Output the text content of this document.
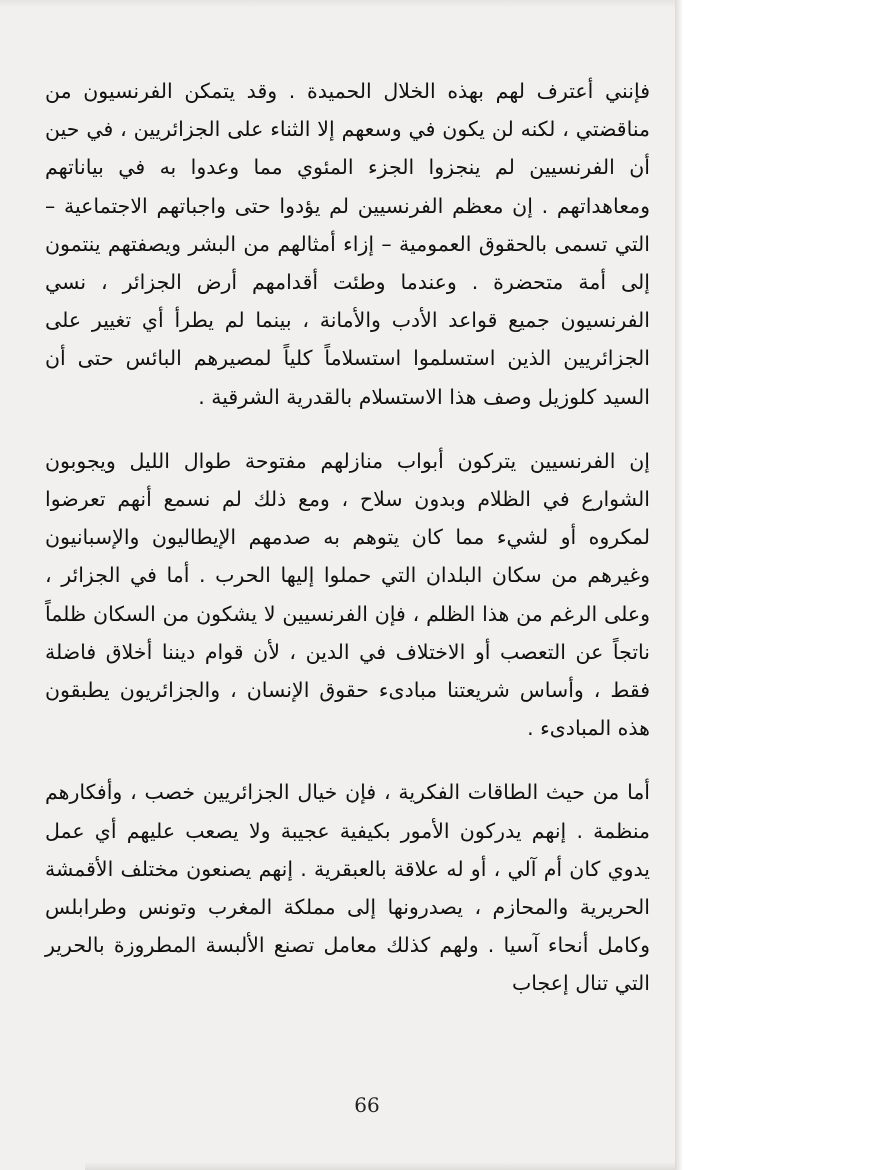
فإنني أعترف لهم بهذه الخلال الحميدة . وقد يتمكن الفرنسيون من مناقضتي ، لكنه لن يكون في وسعهم إلا الثناء على الجزائريين ، في حين أن الفرنسيين لم ينجزوا الجزء المئوي مما وعدوا به في بياناتهم ومعاهداتهم . إن معظم الفرنسيين لم يؤدوا حتى واجباتهم الاجتماعية – التي تسمى بالحقوق العمومية – إزاء أمثالهم من البشر ويصفتهم ينتمون إلى أمة متحضرة . وعندما وطئت أقدامهم أرض الجزائر ، نسي الفرنسيون جميع قواعد الأدب والأمانة ، بينما لم يطرأ أي تغيير على الجزائريين الذين استسلموا استسلاماً كلياً لمصيرهم البائس حتى أن السيد كلوزيل وصف هذا الاستسلام بالقدرية الشرقية .

إن الفرنسيين يتركون أبواب منازلهم مفتوحة طوال الليل ويجوبون الشوارع في الظلام وبدون سلاح ، ومع ذلك لم نسمع أنهم تعرضوا لمكروه أو لشيء مما كان يتوهم به صدمهم الإيطاليون والإسبانيون وغيرهم من سكان البلدان التي حملوا إليها الحرب . أما في الجزائر ، وعلى الرغم من هذا الظلم ، فإن الفرنسيين لا يشكون من السكان ظلماً ناتجاً عن التعصب أو الاختلاف في الدين ، لأن قوام ديننا أخلاق فاضلة فقط ، وأساس شريعتنا مبادىء حقوق الإنسان ، والجزائريون يطبقون هذه المبادىء .

أما من حيث الطاقات الفكرية ، فإن خيال الجزائريين خصب ، وأفكارهم منظمة . إنهم يدركون الأمور بكيفية عجيبة ولا يصعب عليهم أي عمل يدوي كان أم آلي ، أو له علاقة بالعبقرية . إنهم يصنعون مختلف الأقمشة الحريرية والمحازم ، يصدرونها إلى مملكة المغرب وتونس وطرابلس وكامل أنحاء آسيا . ولهم كذلك معامل تصنع الألبسة المطروزة بالحرير التي تنال إعجاب

66
